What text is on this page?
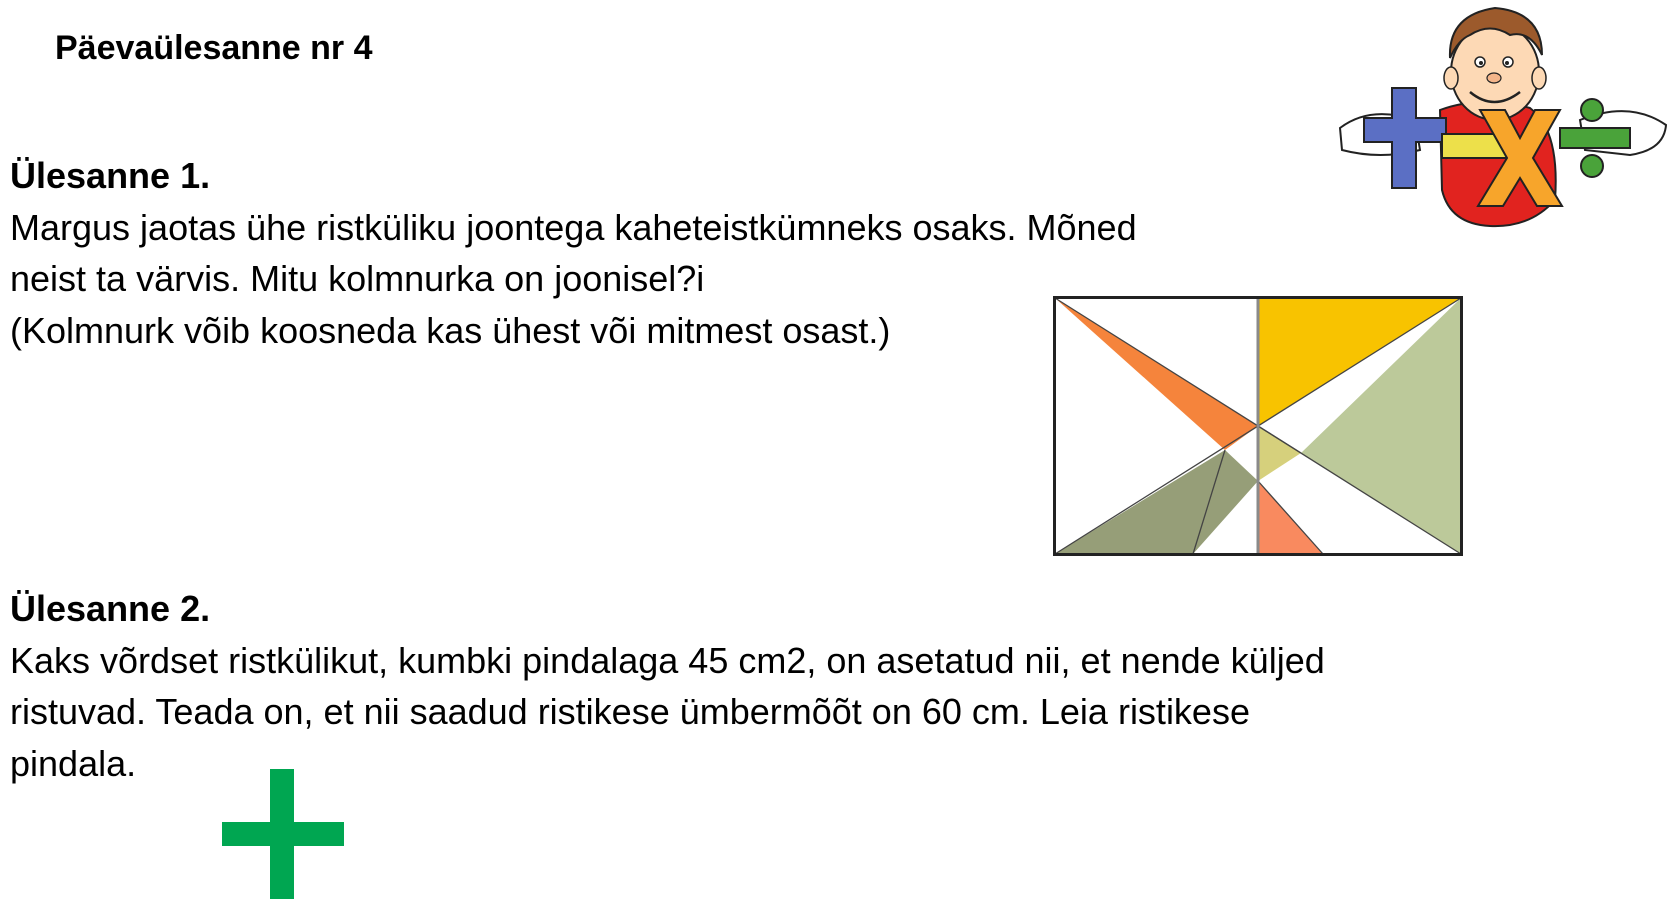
Päevaülesanne nr 4
Ülesanne 1.
Margus jaotas ühe ristküliku joontega kaheteistkümneks osaks. Mõned
neist ta värvis. Mitu kolmnurka on joonisel?i
(Kolmnurk võib koosneda kas ühest või mitmest osast.)
Ülesanne 2.
Kaks võrdset ristkülikut, kumbki pindalaga 45 cm2, on asetatud nii, et nende küljed
ristuvad. Teada on, et nii saadud ristikese ümbermõõt on 60 cm. Leia ristikese
pindala.
